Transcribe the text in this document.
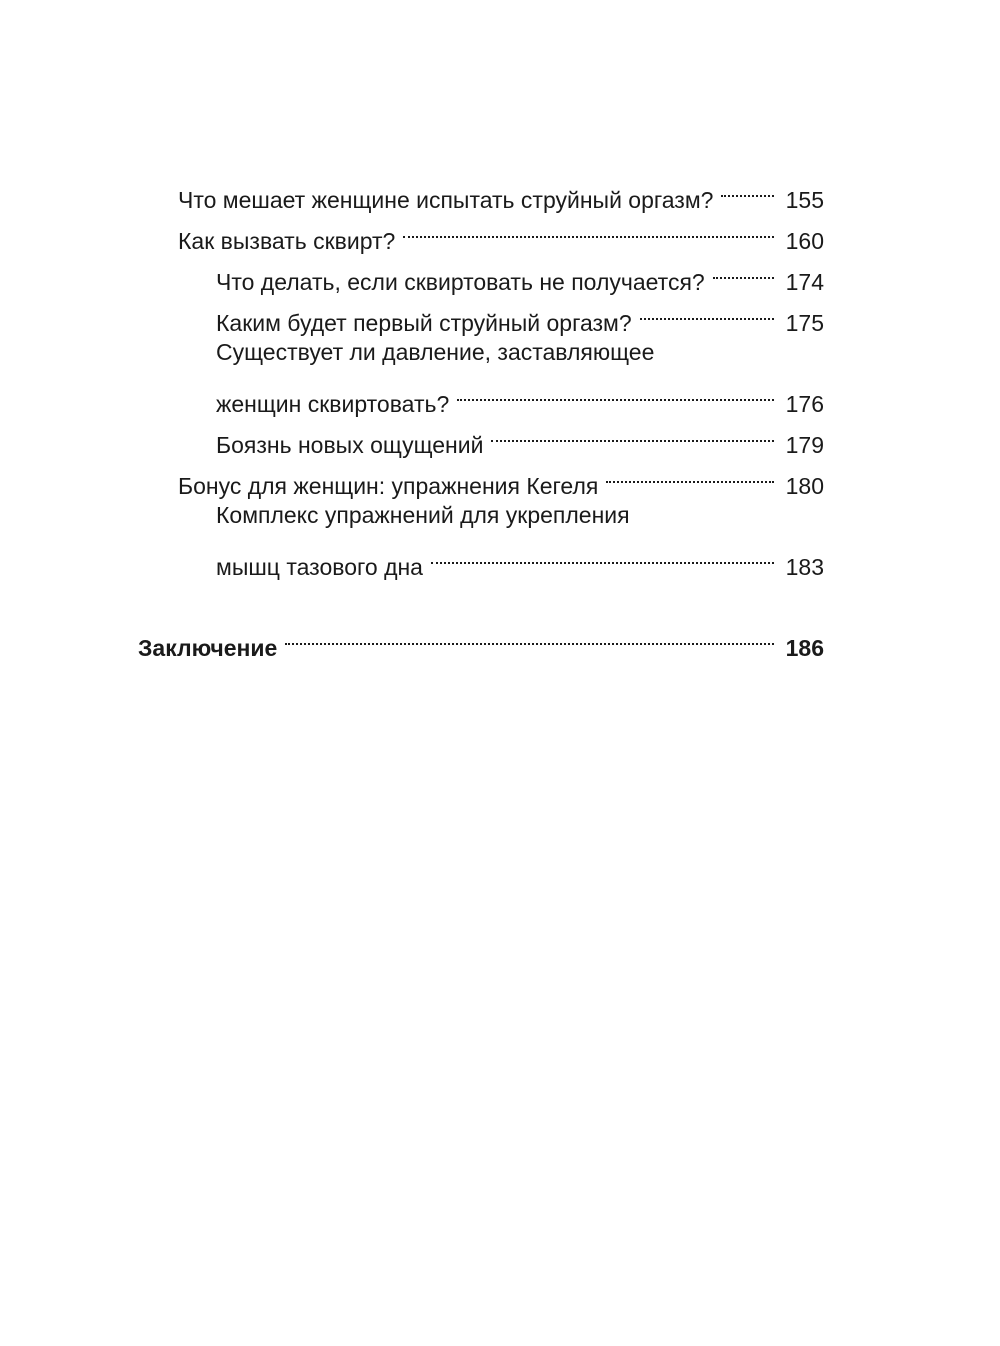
Что мешает женщине испытать струйный оргазм?	155
Как вызвать сквирт?	160
Что делать, если сквиртовать не получается?	174
Каким будет первый струйный оргазм?	175
Существует ли давление, заставляющее
женщин сквиртовать?	176
Боязнь новых ощущений	179
Бонус для женщин: упражнения Кегеля	180
Комплекс упражнений для укрепления
мышц тазового дна	183
Заключение	186
